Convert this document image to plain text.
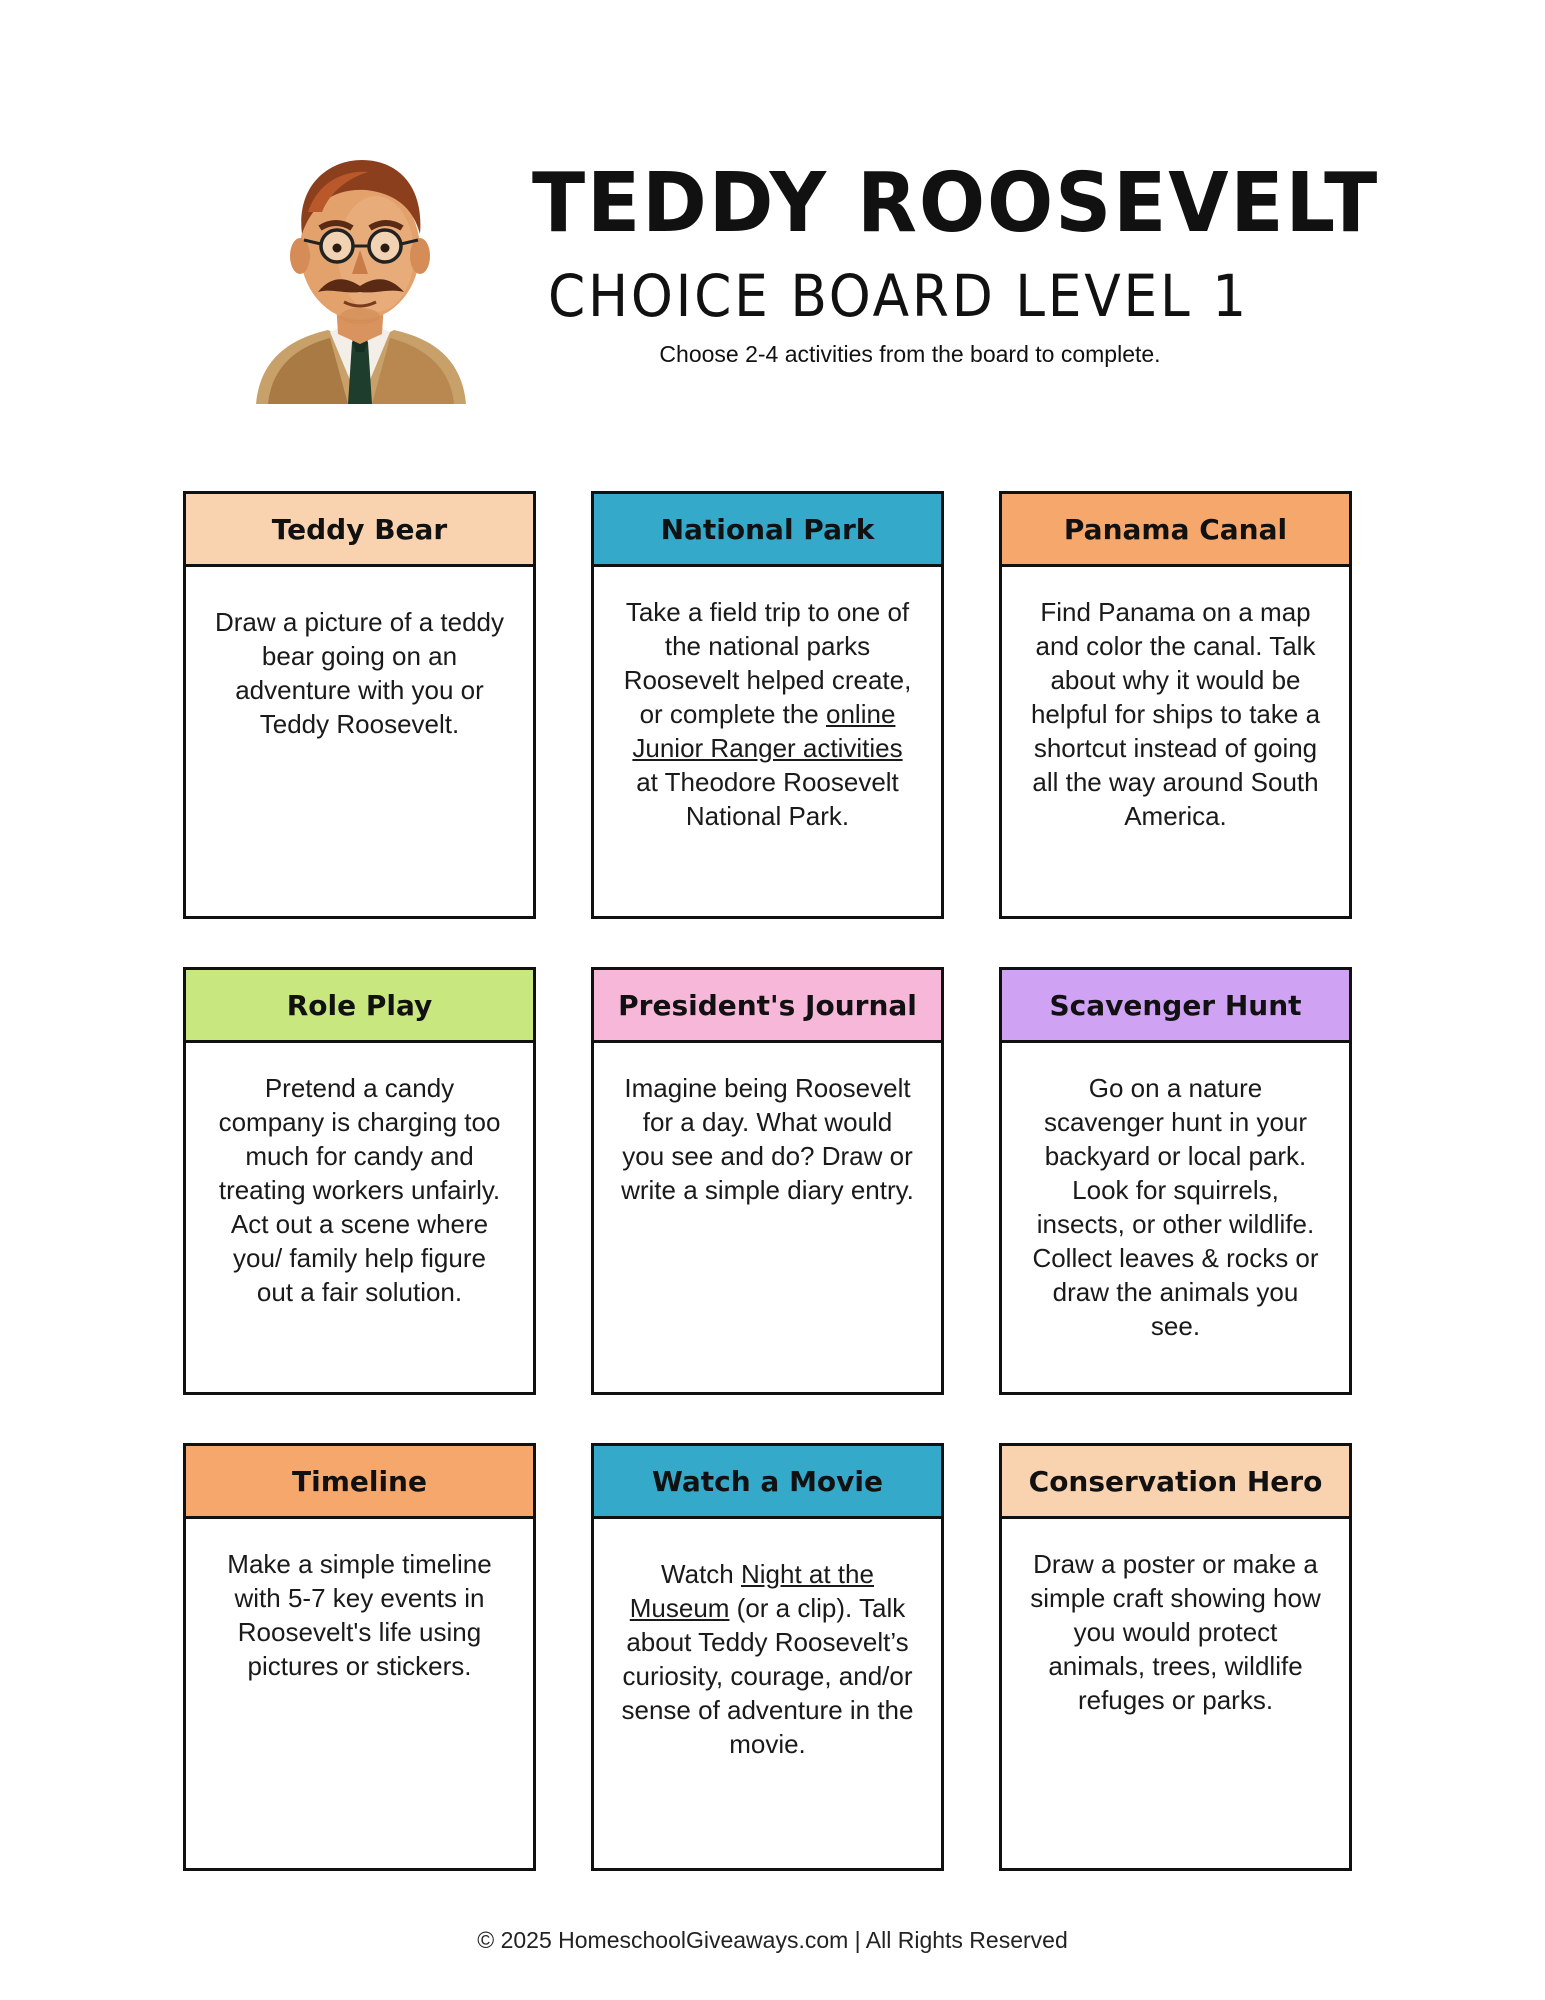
TEDDY ROOSEVELT
CHOICE BOARD LEVEL 1
Choose 2-4 activities from the board to complete.
Teddy Bear
Draw a picture of a teddy bear going on an adventure with you or Teddy Roosevelt.
National Park
Take a field trip to one of the national parks Roosevelt helped create, or complete the online Junior Ranger activities at Theodore Roosevelt National Park.
Panama Canal
Find Panama on a map and color the canal. Talk about why it would be helpful for ships to take a shortcut instead of going all the way around South America.
Role Play
Pretend a candy company is charging too much for candy and treating workers unfairly. Act out a scene where you/ family help figure out a fair solution.
President's Journal
Imagine being Roosevelt for a day. What would you see and do? Draw or write a simple diary entry.
Scavenger Hunt
Go on a nature scavenger hunt in your backyard or local park. Look for squirrels, insects, or other wildlife. Collect leaves & rocks or draw the animals you see.
Timeline
Make a simple timeline with 5-7 key events in Roosevelt's life using pictures or stickers.
Watch a Movie
Watch Night at the Museum (or a clip). Talk about Teddy Roosevelt’s curiosity, courage, and/or sense of adventure in the movie.
Conservation Hero
Draw a poster or make a simple craft showing how you would protect animals, trees, wildlife refuges or parks.
© 2025 HomeschoolGiveaways.com | All Rights Reserved
